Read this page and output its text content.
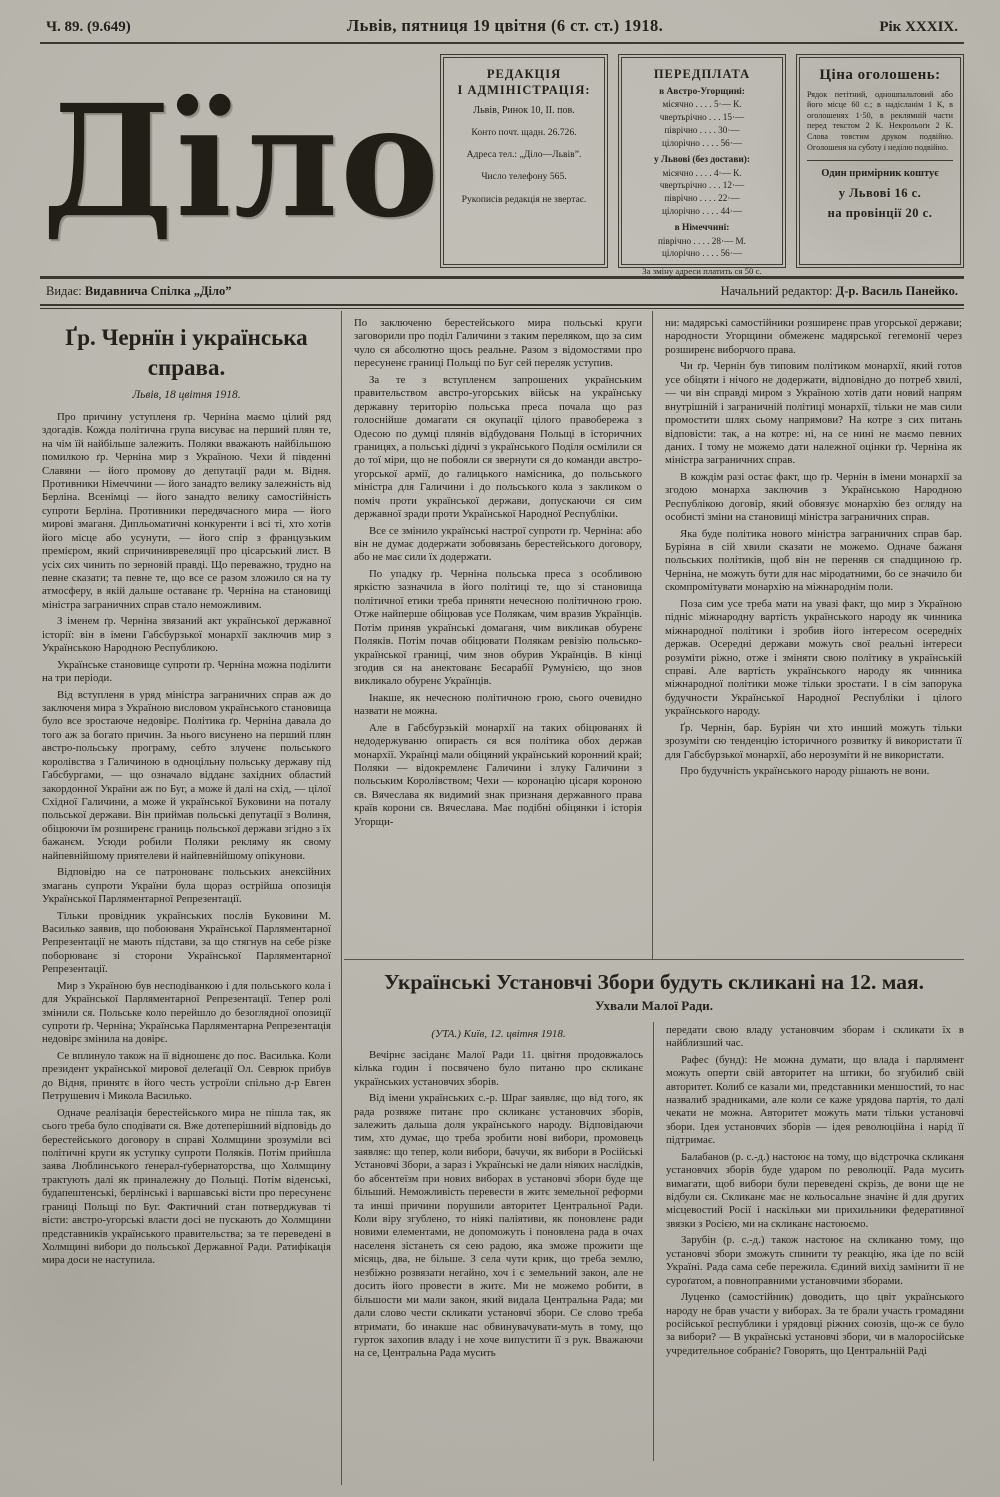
Ч. 89. (9.649)	Львів, пятниця 19 цвітня (6 ст. ст.) 1918.	Рік XXXIX.
Дїло	РЕДАКЦІЯ
І АДМІНІСТРАЦІЯ:
Львів, Ринок 10, II. пов.

Конто почт. щадн. 26.726.

Адреса тел.: „Діло—Львів”.

Число телефону 565.

Рукописів редакція не звертає.

ПЕРЕДПЛАТА
в Австро-Угорщині:

місячно . . . . 5·— К.

чвертьрічно . . . 15·—

піврічно . . . . 30·—

цілорічно . . . . 56·—

у Львові (без достави):

місячно . . . . 4·— К.

чвертьрічно . . . 12·—

піврічно . . . . 22·—

цілорічно . . . . 44·—

в Німеччині:

піврічно . . . . 28·— М.

цілорічно . . . . 56·—

За зміну адреси платить ся 50 с.
Ціна оголошень:
Рядок петітний, одношпальтовий або його місце 60 с.; в надісланім 1 К, в оголошенях 1·50, в реклямній части перед текстом 2 К. Некрольоґи 2 К. Слова товстим друком подвійно. Оголошеня на суботу і неділю подвійно.
Один примірник коштує
у Львові 16 с.
на провінції 20 с.
Видає: Видавнича Спілка „Діло”	Начальний редактор: Д-р. Василь Панейко.
Ґр. Чернїн і українська справа.
Львів, 18 цвітня 1918.

Про причину уступленя ґр. Черніна маємо цілий ряд здогадів. Кожда політична група висуває на перший плян те, на чім їй найбільше залежить. Поляки вважають найбільшою помилкою ґр. Черніна мир з Україною. Чехи й південні Славяни — його промову до депутації ради м. Відня. Противники Німеччини — його занадто велику залежність від Берліна. Всенімці — його занадто велику самостійність супроти Берліна. Противники передвчасного мира — його мирові змаганя. Дипльоматичні конкуренти і всі ті, хто хотів його місце або усунути, — його спір з французьким премієром, який спричинивревеляції про цісарський лист. В усіх сих чинить по зерновій правді. Що переважно, трудно на певне сказати; та певне те, що все се разом зложило ся на ту атмосферу, в якій дальше оставанє ґр. Черніна на становищі міністра заграничних справ стало неможливим.

З іменем ґр. Черніна звязаний акт української державної історії: він в імени Габсбурзької монархії заключив мир з Українською Народною Республикою.

Українське становище супроти ґр. Черніна можна поділити на три періоди.

Від вступленя в уряд міністра заграничних справ аж до заключеня мира з Україною висловом українського становища було все зростаюче недовірє. Політика ґр. Черніна давала до того аж за богато причин. За нього висунено на перший плян австро-польську програму, себто злученє польського королівства з Галичиною в одноцільну польську державу під Габсбургами, — що означало відданє західних областий закордонної України аж по Буг, а може й далі на схід, — цілої Східної Галичини, а може й української Буковини на поталу польської держави. Він приймав польські депутації з Волиня, обіцюючи їм розширенє границь польської держави згідно з їх бажанєм. Усюди робили Поляки рекляму як свому найпевнійшому приятелеви й найпевнійшому опікунови.

Відповідю на се патронованє польських анексійних змагань супроти України була щораз острійша опозиція Української Парляментарної Репрезентації.

Тільки провідник українських послів Буковини М. Василько заявив, що побоюваня Української Парляментарної Репрезентації не мають підстави, за що стягнув на себе різке поборюванє зі сторони Української Парляментарної Репрезентації.

Мир з Україною був несподіванкою і для польського кола і для Української Парляментарної Репрезентації. Тепер ролі змінили ся. Польське коло перейшло до безоглядної опозиції супроти ґр. Черніна; Українська Парляментарна Репрезентація недовірє змінила на довірє.

Се вплинуло також на її відношенє до пос. Василька. Коли президент української мирової делеґації Ол. Севрюк прибув до Відня, принятє в його честь устроїли спільно д-р Евген Петрушевич і Микола Василько.

Одначе реалізація берестейського мира не пішла так, як сього треба було сподівати ся. Вже дотеперішний відповідь до берестейського договору в справі Холмщини зрозуміли всі політичні круги як уступку супроти Поляків. Потім прийшла заява Люблинського ґенерал-ґубернаторства, що Холмщину трактують далі як приналежну до Польщі. Потім віденські, будапештенські, берлінські і варшавські вісти про пересуненє границі Польщі по Буг. Фактичний стан потверджував ті вісти: австро-угорські власти досі не пускають до Холмщини представників українського правительства; за те переведені в Холмщині вибори до польської Державної Ради. Ратифікація мира доси не наступила.

По заключеню берестейського мира польські круги заговорили про поділ Галичини з таким переляком, що за сим чуло ся абсолютно щось реальне. Разом з відомостями про пересуненє границі Польщі по Буг сей переляк уступив.

За те з вступленєм запрошених українським правительством австро-угорських військ на українську державну територію польська преса почала що раз голоснійше домагати ся окупації цілого правобережа з Одесою по думці плянів відбудованя Польщі в історичних границях, а польські дідичі з українського Поділя осмілили ся до тої міри, що не побояли ся звернути ся до команди австро-угорської армії, до галицького намісника, до польського міністра для Галичини і до польського кола з закликом о поміч проти української держави, допускаючи ся сим державної зради проти Української Народної Республіки.

Все се змінило українські настрої супроти ґр. Черніна: або він не думає додержати зобовязань берестейського договору, або не має сили їх додержати.

По упадку ґр. Черніна польська преса з особливою яркістю зазначила в його політиці те, що зі становища політичної етики треба приняти нечесною політичною грою. Отже найперше обіцював усе Полякам, чим вразив Українців. Потім приняв українські домаганя, чим викликав обуренє Поляків. Потім почав обіцювати Полякам ревізію польсько-української границі, чим знов обурив Українців. В кінці згодив ся на анектованє Бесарабії Румунією, що знов викликало обуренє Українців.

Інакше, як нечесною політичною грою, сього очевидно назвати не можна.

Але в Габсбурзькій монархії на таких обіцюванях й недодержуваню опираєть ся вся політика обох держав монархії. Українці мали обіцяний український коронний край; Поляки — відокремленє Галичини і злуку Галичини з польським Королівством; Чехи — коронацію цісаря короною св. Вячеслава як видимий знак признаня державного права країв корони св. Вячеслава. Має подібні обіцянки і історія Угорщи-

ни: мадярські самостійники розширенє прав угорської держави; народности Угорщини обмеженє мадярської гегемонії через розширенє виборчого права.

Чи ґр. Чернін був типовим політиком монархії, який готов усе обіцяти і нічого не додержати, відповідно до потреб хвилі, — чи він справді миром з Україною хотів дати новий напрям внутрішній і заграничній політиці монархії, тільки не мав сили промостити шлях сьому напрямови? На котре з сих питань відповісти: так, а на котре: ні, на се нині не маємо певних даних. І тому не можемо дати належної оцінки ґр. Черніна як міністра заграничних справ.

В кождім разі остає факт, що ґр. Чернін в імени монархії за згодою монарха заключив з Українською Народною Республікою договір, який обовязує монархію без огляду на особисті зміни на становищі міністра заграничних справ.

Яка буде політика нового міністра заграничних справ бар. Буріяна в сій хвили сказати не можемо. Одначе бажаня польських політиків, щоб він не переняв ся спадщиною ґр. Черніна, не можуть бути для нас міродатними, бо се значило би скомпромітувати монархію на міжнароднім поли.

Поза сим усе треба мати на увазі факт, що мир з Україною підніс міжнародну вартість українського народу як чинника міжнародної політики і зробив його інтересом осередніх держав. Осередні держави можуть свої реальні інтереси розуміти ріжно, отже і зміняти свою політику в українській справі. Але вартість українського народу як чинника міжнародної політики може тільки зростати. І в сім запорука будучности Української Народної Республіки і цілого українського народу.

Ґр. Чернін, бар. Буріян чи хто инший можуть тільки зрозуміти сю тенденцію історичного розвитку й використати її для Габсбурзької монархії, або нерозуміти й не використати.

Про будучність українського народу рішають не вони.

Українські Установчі Збори будуть скликані на 12. мая.
Ухвали Малої Ради.
(УТА.) Київ, 12. цвітня 1918.

Вечірнє засіданє Малої Ради 11. цвітня продовжалось кілька годин і посвячено було питаню про скликанє українських установчих зборів.

Від імени українських с.-р. Шраг заявляє, що від того, як рада розвяже питанє про скликанє установчих зборів, залежить дальша доля українського народу. Відповідаючи тим, хто думає, що треба зробити нові вибори, промовець заявляє: що тепер, коли вибори, бачучи, як вибори в Російські Установчі Збори, а зараз і Українські не дали ніяких наслідків, бо абсентеїзм при нових виборах в установчі збори буде ще більший. Неможливість перевести в житє земельної реформи та инші причини порушили авторитет Центральної Ради. Коли віру згублено, то ніякі паліятиви, як поновленє ради новими елементами, не допоможуть і поновлена рада в очах населеня зістанеть ся сею радою, яка зможе прожити ще місяць, два, не більше. З села чути крик, що треба землю, незбіжно розвязати негайно, хоч і є земельний закон, але не досить його провести в житє. Ми не можемо робити, в більшости ми мали закон, який видала Центральна Рада; ми дали слово чести скликати установчі збори. Се слово треба втримати, бо инакше нас обвинувачувати-муть в тому, що гурток захопив владу і не хоче випустити її з рук. Вважаючи на се, Центральна Рада мусить

передати свою владу установчим зборам і скликати їх в найблизший час.

Рафес (бунд): Не можна думати, що влада і парлямент можуть оперти свій авторитет на штики, бо згубилиб свій авторитет. Колиб се казали ми, представники меншостий, то нас назвалиб зрадниками, але коли се каже урядова партія, то далі чекати не можна. Авторитет можуть мати тільки установчі збори. Ідея установчих зборів — ідея революційна і нарід її підтримає.

Балабанов (р. с.-д.) настоює на тому, що відстрочка скликаня установчих зборів буде ударом по революції. Рада мусить вимагати, щоб вибори були переведені скрізь, де вони ще не відбули ся. Скликанє має не кольосальне значінє й для других місцевостий Росії і наскільки ми прихильники федеративної звязки з Росією, ми на скликанє настоюємо.

Зарубін (р. с.-д.) також настоює на скликаню тому, що установчі збори зможуть спинити ту реакцію, яка іде по всій Україні. Рада сама себе пережила. Єдиний вихід замінити її не суроґатом, а повноправними установчими зборами.

Луценко (самостійник) доводить, що цвіт українського народу не брав участи у виборах. За те брали участь громадяни російської республики і урядовці ріжних союзів, що-ж се було за вибори? — В українські установчі збори, чи в малоросійське учредительное собраніє? Говорять, що Центральній Раді
